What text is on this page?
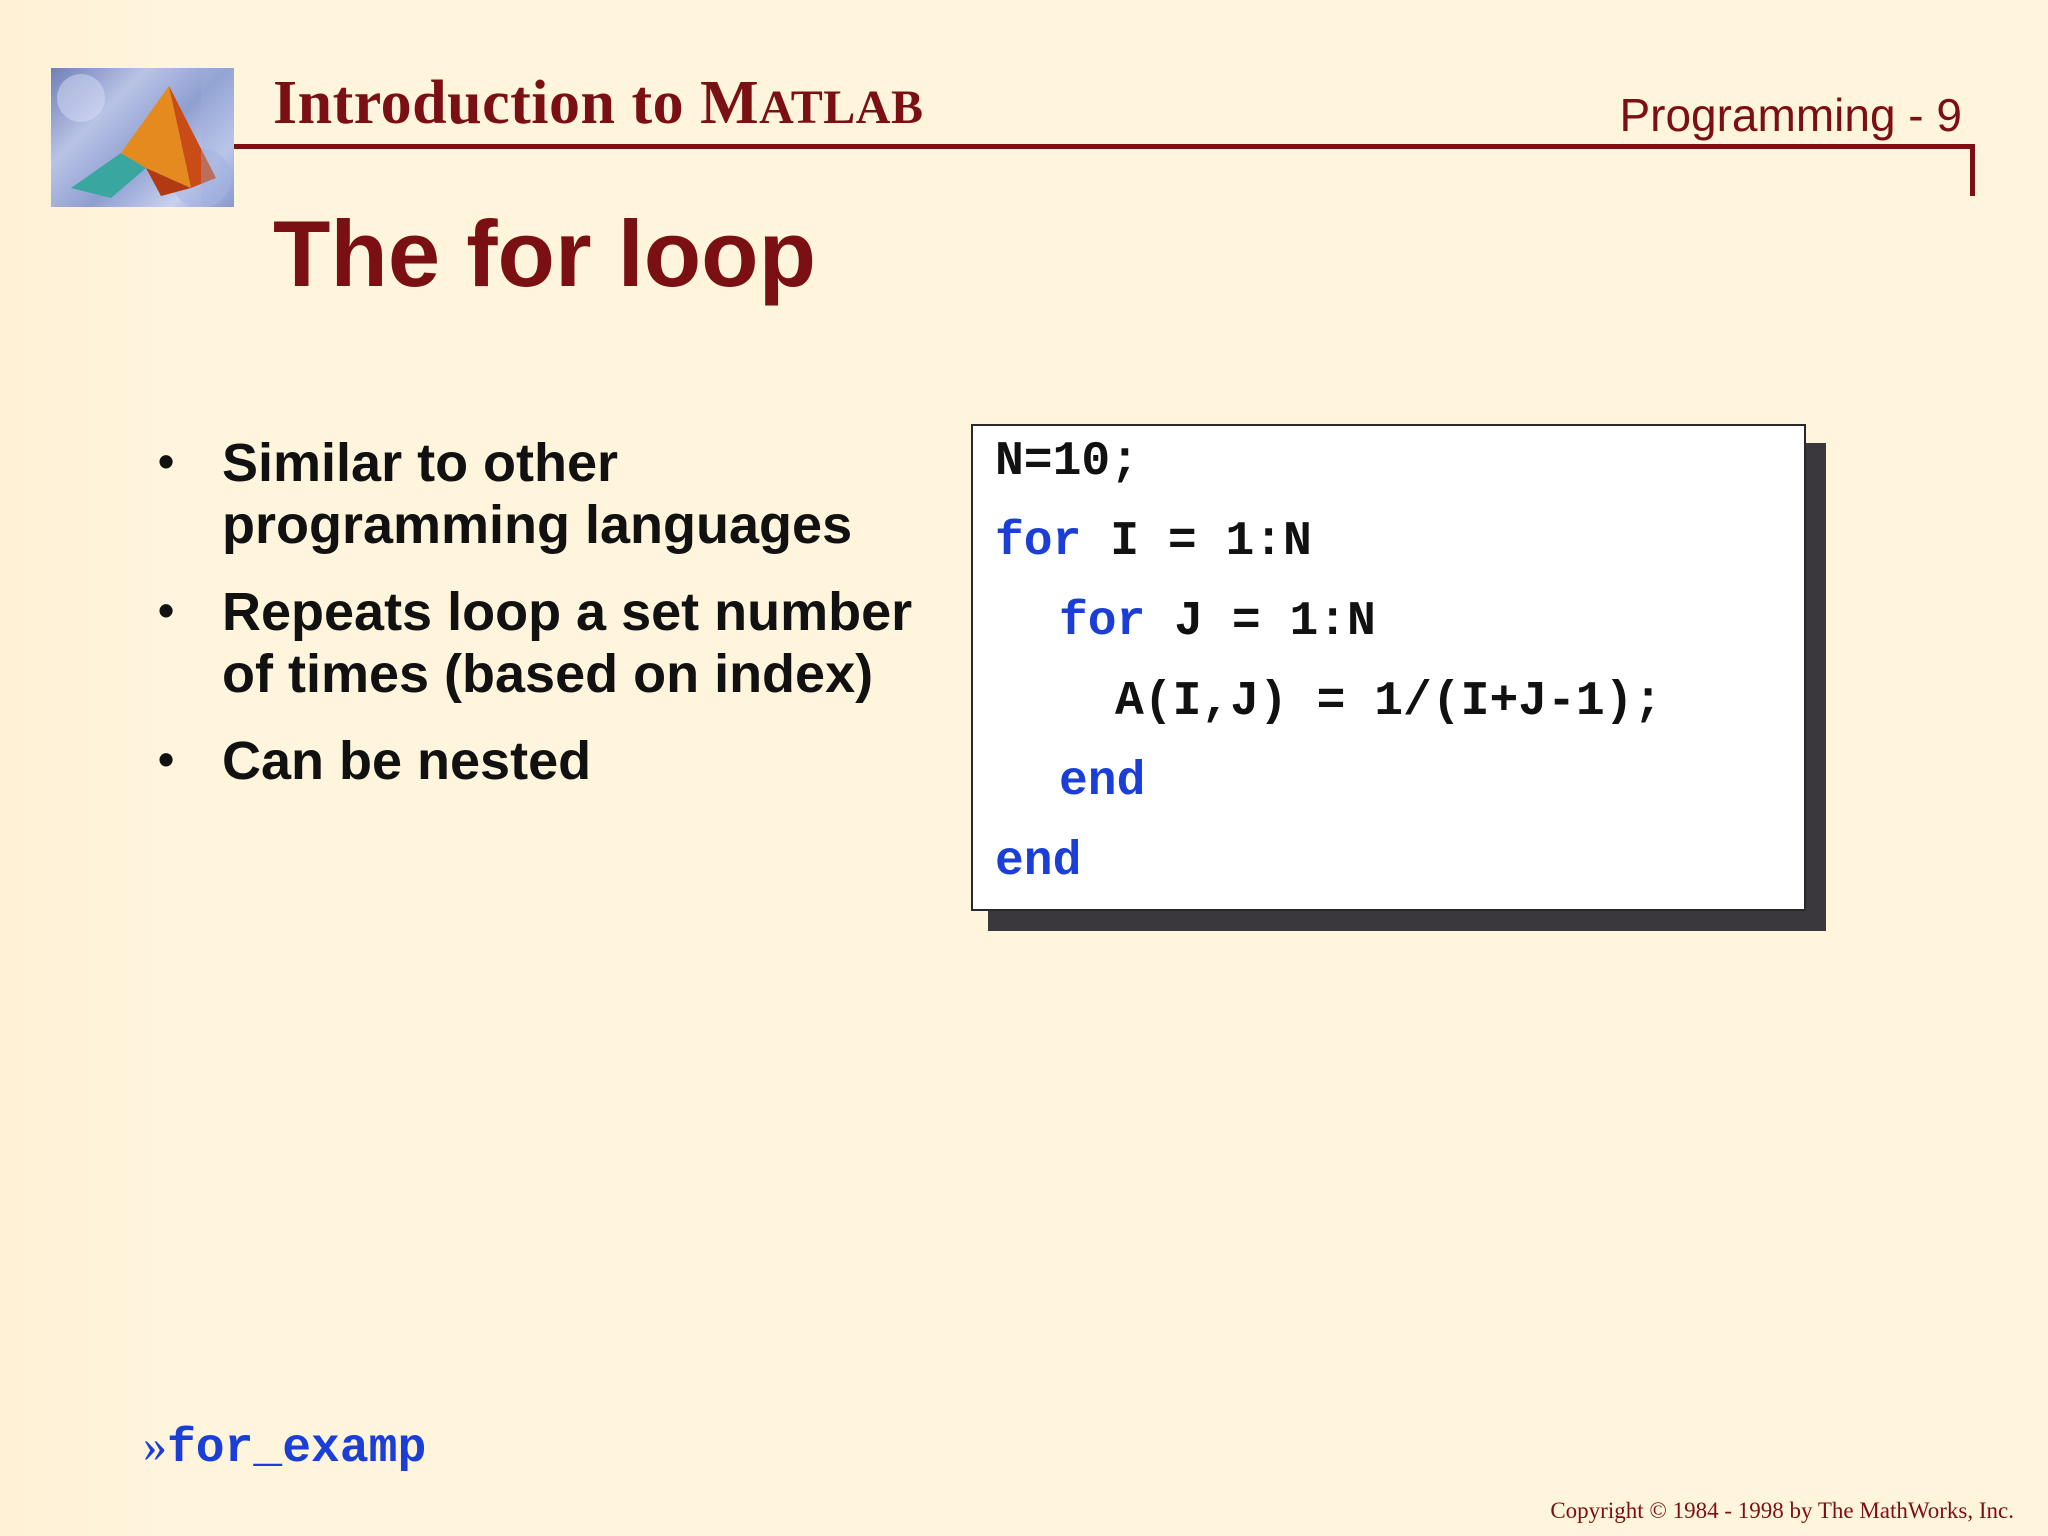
Introduction to MATLAB	Programming - 9
The for loop
• Similar to other programming languages
• Repeats loop a set number of times (based on index)
• Can be nested
N=10;
for I = 1:N
for J = 1:N
A(I,J) = 1/(I+J-1);
end
end
»for_examp
Copyright © 1984 - 1998 by The MathWorks, Inc.
